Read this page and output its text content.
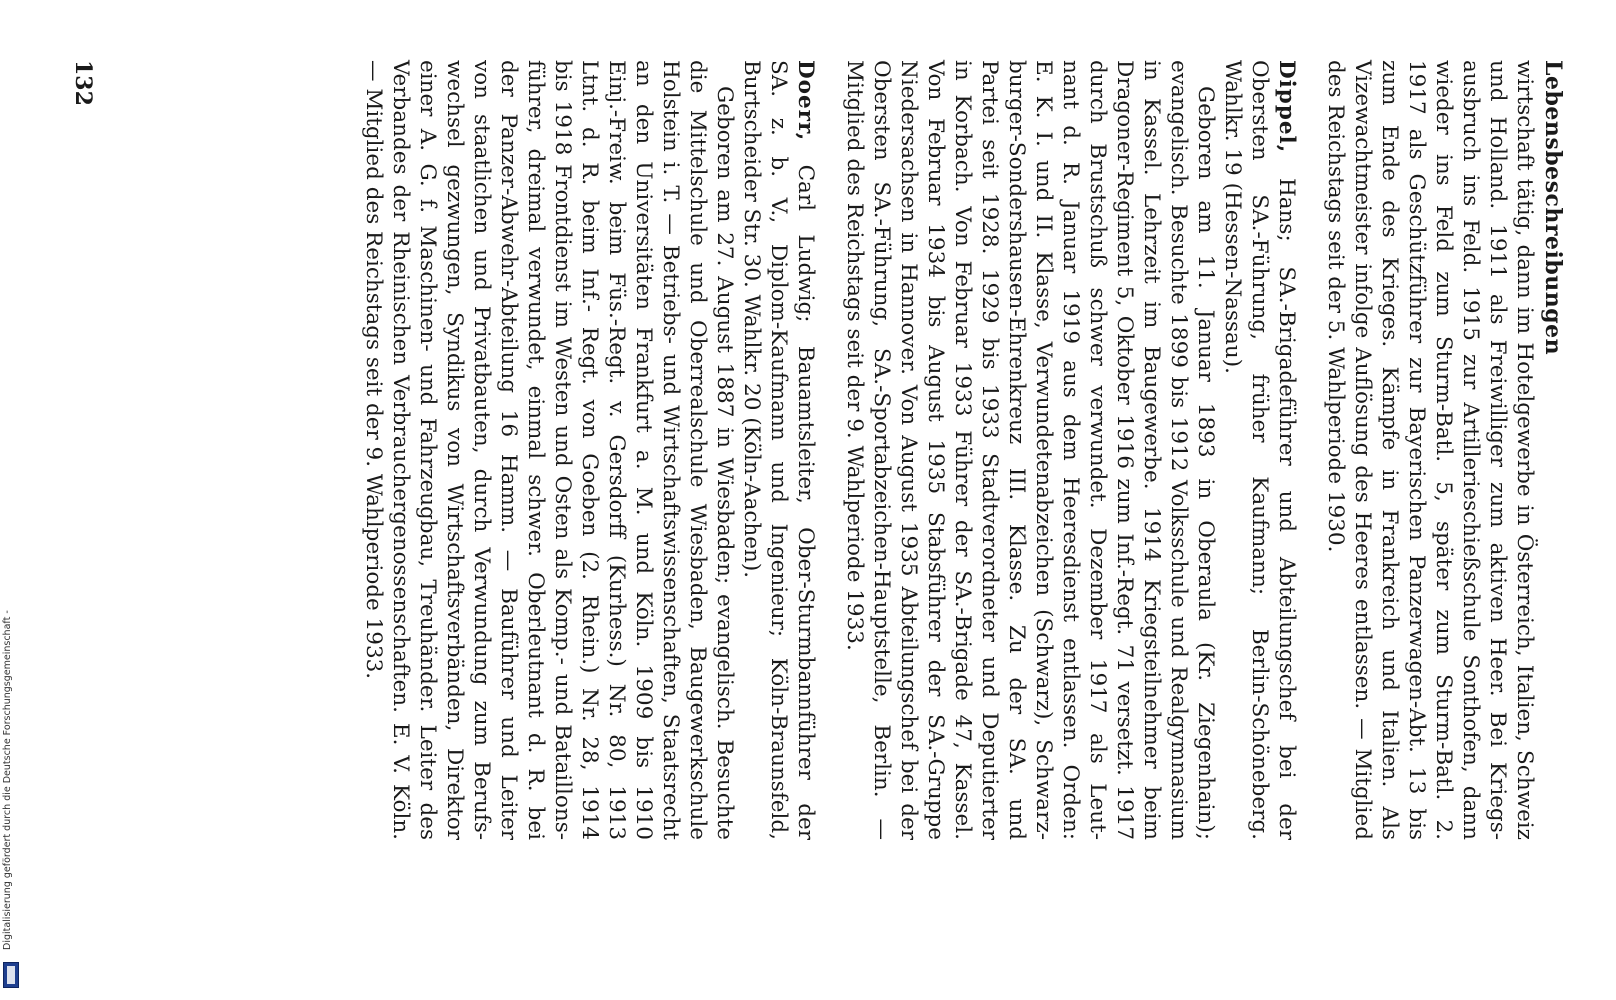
Lebensbeschreibungen
wirtschaft tätig, dann im Hotelgewerbe in Österreich, Italien, Schweiz
und Holland. 1911 als Freiwilliger zum aktiven Heer. Bei Kriegs-
ausbruch ins Feld. 1915 zur Artillerieschießschule Sonthofen, dann
wieder ins Feld zum Sturm-Batl. 5, später zum Sturm-Batl. 2.
1917 als Geschützführer zur Bayerischen Panzerwagen-Abt. 13 bis
zum Ende des Krieges. Kämpfe in Frankreich und Italien. Als
Vizewachtmeister infolge Auflösung des Heeres entlassen. — Mitglied
des Reichstags seit der 5. Wahlperiode 1930.
Dippel, Hans; SA.-Brigadeführer und Abteilungschef bei der
Obersten SA.-Führung, früher Kaufmann; Berlin-Schöneberg.
Wahlkr. 19 (Hessen-Nassau).
Geboren am 11. Januar 1893 in Oberaula (Kr. Ziegenhain);
evangelisch. Besuchte 1899 bis 1912 Volksschule und Realgymnasium
in Kassel. Lehrzeit im Baugewerbe. 1914 Kriegsteilnehmer beim
Dragoner-Regiment 5, Oktober 1916 zum Inf.-Regt. 71 versetzt. 1917
durch Brustschuß schwer verwundet. Dezember 1917 als Leut-
nant d. R. Januar 1919 aus dem Heeresdienst entlassen. Orden:
E. K. I. und II. Klasse, Verwundetenabzeichen (Schwarz), Schwarz-
burger-Sondershausen-Ehrenkreuz III. Klasse. Zu der SA. und
Partei seit 1928. 1929 bis 1933 Stadtverordneter und Deputierter
in Korbach. Von Februar 1933 Führer der SA.-Brigade 47, Kassel.
Von Februar 1934 bis August 1935 Stabsführer der SA.-Gruppe
Niedersachsen in Hannover. Von August 1935 Abteilungschef bei der
Obersten SA.-Führung, SA.-Sportabzeichen-Hauptstelle, Berlin. —
Mitglied des Reichstags seit der 9. Wahlperiode 1933.
Doerr, Carl Ludwig; Bauamtsleiter, Ober-Sturmbannführer der
SA. z. b. V., Diplom-Kaufmann und Ingenieur; Köln-Braunsfeld,
Burtscheider Str. 30. Wahlkr. 20 (Köln-Aachen).
Geboren am 27. August 1887 in Wiesbaden; evangelisch. Besuchte
die Mittelschule und Oberrealschule Wiesbaden, Baugewerkschule
Holstein i. T. — Betriebs- und Wirtschaftswissenschaften, Staatsrecht
an den Universitäten Frankfurt a. M. und Köln. 1909 bis 1910
Einj.-Freiw. beim Füs.-Regt. v. Gersdorff (Kurhess.) Nr. 80, 1913
Ltnt. d. R. beim Inf.- Regt. von Goeben (2. Rhein.) Nr. 28, 1914
bis 1918 Frontdienst im Westen und Osten als Komp.- und Bataillons-
führer, dreimal verwundet, einmal schwer. Oberleutnant d. R. bei
der Panzer-Abwehr-Abteilung 16 Hamm. — Bauführer und Leiter
von staatlichen und Privatbauten, durch Verwundung zum Berufs-
wechsel gezwungen, Syndikus von Wirtschaftsverbänden, Direktor
einer A. G. f. Maschinen- und Fahrzeugbau, Treuhänder. Leiter des
Verbandes der Rheinischen Verbrauchergenossenschaften. E. V. Köln.
— Mitglied des Reichstags seit der 9. Wahlperiode 1933.
132
Digitalisierung gefördert durch die Deutsche Forschungsgemeinschaft -
